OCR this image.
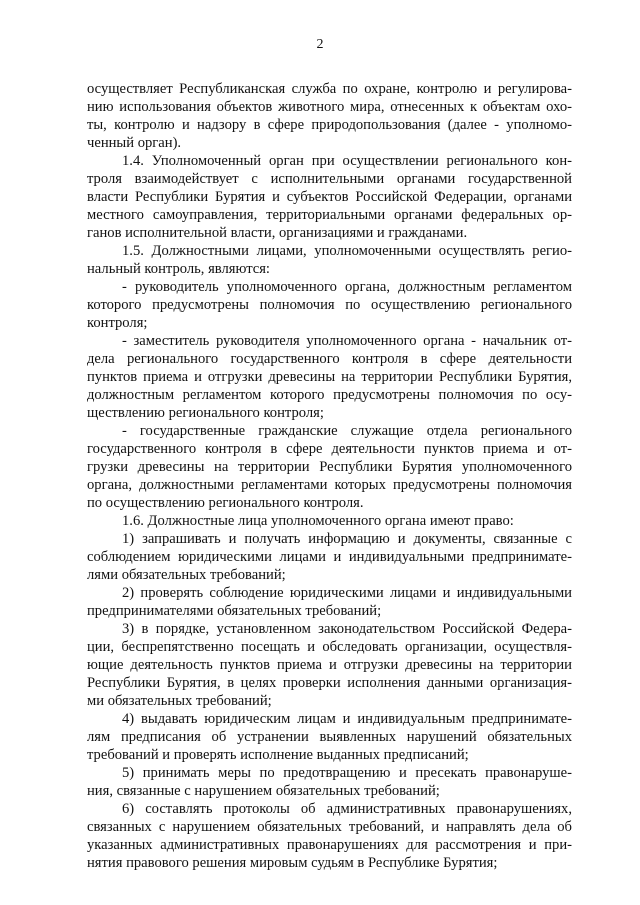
2
осуществляет Республиканская служба по охране, контролю и регулирова-
нию использования объектов животного мира, отнесенных к объектам охо-
ты, контролю и надзору в сфере природопользования (далее - уполномо-
ченный орган).
1.4. Уполномоченный орган при осуществлении регионального кон-
троля взаимодействует с исполнительными органами государственной
власти Республики Бурятия и субъектов Российской Федерации, органами
местного самоуправления, территориальными органами федеральных ор-
ганов исполнительной власти, организациями и гражданами.
1.5. Должностными лицами, уполномоченными осуществлять регио-
нальный контроль, являются:
- руководитель уполномоченного органа, должностным регламентом
которого предусмотрены полномочия по осуществлению регионального
контроля;
- заместитель руководителя уполномоченного органа - начальник от-
дела регионального государственного контроля в сфере деятельности
пунктов приема и отгрузки древесины на территории Республики Бурятия,
должностным регламентом которого предусмотрены полномочия по осу-
ществлению регионального контроля;
- государственные гражданские служащие отдела регионального
государственного контроля в сфере деятельности пунктов приема и от-
грузки древесины на территории Республики Бурятия уполномоченного
органа, должностными регламентами которых предусмотрены полномочия
по осуществлению регионального контроля.
1.6. Должностные лица уполномоченного органа имеют право:
1) запрашивать и получать информацию и документы, связанные с
соблюдением юридическими лицами и индивидуальными предпринимате-
лями обязательных требований;
2) проверять соблюдение юридическими лицами и индивидуальными
предпринимателями обязательных требований;
3) в порядке, установленном законодательством Российской Федера-
ции, беспрепятственно посещать и обследовать организации, осуществля-
ющие деятельность пунктов приема и отгрузки древесины на территории
Республики Бурятия, в целях проверки исполнения данными организация-
ми обязательных требований;
4) выдавать юридическим лицам и индивидуальным предпринимате-
лям предписания об устранении выявленных нарушений обязательных
требований и проверять исполнение выданных предписаний;
5) принимать меры по предотвращению и пресекать правонаруше-
ния, связанные с нарушением обязательных требований;
6) составлять протоколы об административных правонарушениях,
связанных с нарушением обязательных требований, и направлять дела об
указанных административных правонарушениях для рассмотрения и при-
нятия правового решения мировым судьям в Республике Бурятия;
